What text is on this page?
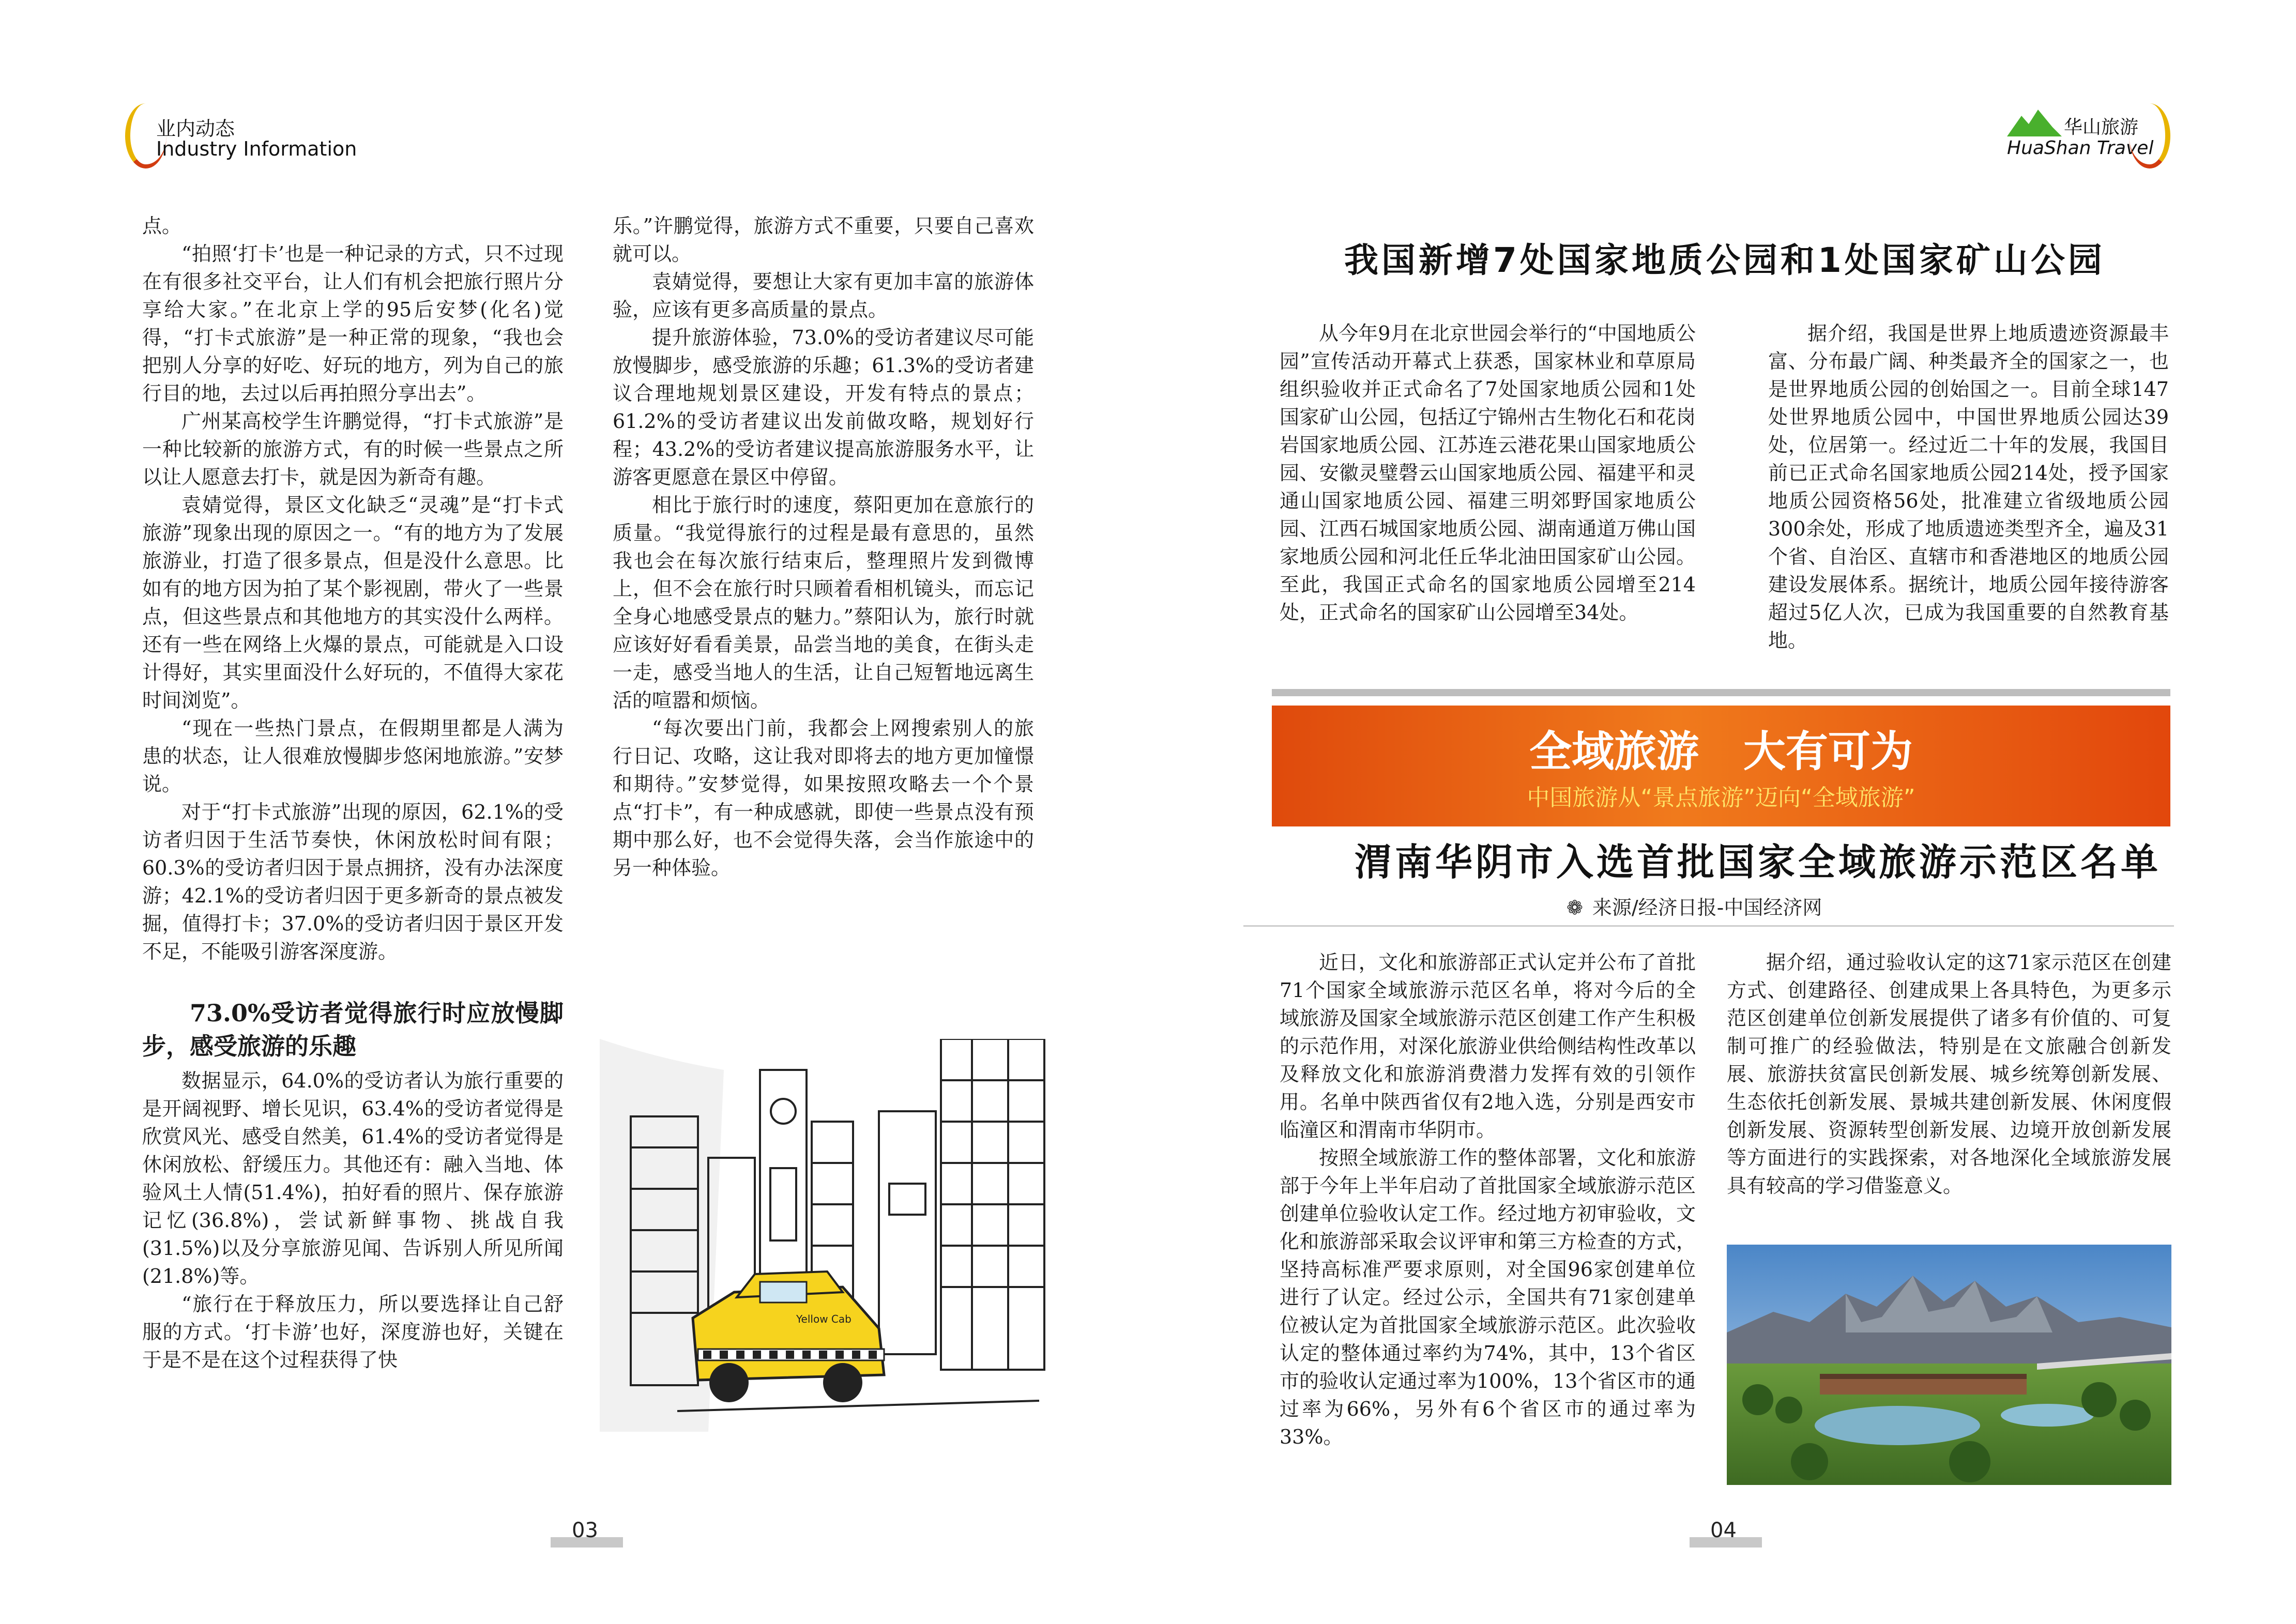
业内动态
Industry Information
华山旅游
HuaShan Travel

点。

“拍照‘打卡’也是一种记录的方式，只不过现在有很多社交平台，让人们有机会把旅行照片分享给大家。”在北京上学的95后安梦(化名)觉得，“打卡式旅游”是一种正常的现象，“我也会把别人分享的好吃、好玩的地方，列为自己的旅行目的地，去过以后再拍照分享出去”。

广州某高校学生许鹏觉得，“打卡式旅游”是一种比较新的旅游方式，有的时候一些景点之所以让人愿意去打卡，就是因为新奇有趣。

袁婧觉得，景区文化缺乏“灵魂”是“打卡式旅游”现象出现的原因之一。“有的地方为了发展旅游业，打造了很多景点，但是没什么意思。比如有的地方因为拍了某个影视剧，带火了一些景点，但这些景点和其他地方的其实没什么两样。还有一些在网络上火爆的景点，可能就是入口设计得好，其实里面没什么好玩的，不值得大家花时间浏览”。

“现在一些热门景点，在假期里都是人满为患的状态，让人很难放慢脚步悠闲地旅游。”安梦说。

对于“打卡式旅游”出现的原因，62.1%的受访者归因于生活节奏快，休闲放松时间有限；60.3%的受访者归因于景点拥挤，没有办法深度游；42.1%的受访者归因于更多新奇的景点被发掘，值得打卡；37.0%的受访者归因于景区开发不足，不能吸引游客深度游。

73.0%受访者觉得旅行时应放慢脚步，感受旅游的乐趣

数据显示，64.0%的受访者认为旅行重要的是开阔视野、增长见识，63.4%的受访者觉得是欣赏风光、感受自然美，61.4%的受访者觉得是休闲放松、舒缓压力。其他还有：融入当地、体验风土人情(51.4%)，拍好看的照片、保存旅游记忆(36.8%)，尝试新鲜事物、挑战自我(31.5%)以及分享旅游见闻、告诉别人所见所闻(21.8%)等。

“旅行在于释放压力，所以要选择让自己舒服的方式。‘打卡游’也好，深度游也好，关键在于是不是在这个过程获得了快

乐。”许鹏觉得，旅游方式不重要，只要自己喜欢就可以。

袁婧觉得，要想让大家有更加丰富的旅游体验，应该有更多高质量的景点。

提升旅游体验，73.0%的受访者建议尽可能放慢脚步，感受旅游的乐趣；61.3%的受访者建议合理地规划景区建设，开发有特点的景点；61.2%的受访者建议出发前做攻略，规划好行程；43.2%的受访者建议提高旅游服务水平，让游客更愿意在景区中停留。

相比于旅行时的速度，蔡阳更加在意旅行的质量。“我觉得旅行的过程是最有意思的，虽然我也会在每次旅行结束后，整理照片发到微博上，但不会在旅行时只顾着看相机镜头，而忘记全身心地感受景点的魅力。”蔡阳认为，旅行时就应该好好看看美景，品尝当地的美食，在街头走一走，感受当地人的生活，让自己短暂地远离生活的喧嚣和烦恼。

“每次要出门前，我都会上网搜索别人的旅行日记、攻略，这让我对即将去的地方更加憧憬和期待。”安梦觉得，如果按照攻略去一个个景点“打卡”，有一种成感就，即使一些景点没有预期中那么好，也不会觉得失落，会当作旅途中的另一种体验。

Yellow Cab
03	04
我国新增7处国家地质公园和1处国家矿山公园

从今年9月在北京世园会举行的“中国地质公园”宣传活动开幕式上获悉，国家林业和草原局组织验收并正式命名了7处国家地质公园和1处国家矿山公园，包括辽宁锦州古生物化石和花岗岩国家地质公园、江苏连云港花果山国家地质公园、安徽灵璧磬云山国家地质公园、福建平和灵通山国家地质公园、福建三明郊野国家地质公园、江西石城国家地质公园、湖南通道万佛山国家地质公园和河北任丘华北油田国家矿山公园。至此，我国正式命名的国家地质公园增至214处，正式命名的国家矿山公园增至34处。

据介绍，我国是世界上地质遗迹资源最丰富、分布最广阔、种类最齐全的国家之一，也是世界地质公园的创始国之一。目前全球147处世界地质公园中，中国世界地质公园达39处，位居第一。经过近二十年的发展，我国目前已正式命名国家地质公园214处，授予国家地质公园资格56处，批准建立省级地质公园300余处，形成了地质遗迹类型齐全，遍及31个省、自治区、直辖市和香港地区的地质公园建设发展体系。据统计，地质公园年接待游客超过5亿人次，已成为我国重要的自然教育基地。

全域旅游   大有可为
中国旅游从“景点旅游”迈向“全域旅游”
渭南华阴市入选首批国家全域旅游示范区名单
❁ 来源/经济日报-中国经济网

近日，文化和旅游部正式认定并公布了首批71个国家全域旅游示范区名单，将对今后的全域旅游及国家全域旅游示范区创建工作产生积极的示范作用，对深化旅游业供给侧结构性改革以及释放文化和旅游消费潜力发挥有效的引领作用。名单中陕西省仅有2地入选，分别是西安市临潼区和渭南市华阴市。

按照全域旅游工作的整体部署，文化和旅游部于今年上半年启动了首批国家全域旅游示范区创建单位验收认定工作。经过地方初审验收，文化和旅游部采取会议评审和第三方检查的方式，坚持高标准严要求原则，对全国96家创建单位进行了认定。经过公示，全国共有71家创建单位被认定为首批国家全域旅游示范区。此次验收认定的整体通过率约为74%，其中，13个省区市的验收认定通过率为100%，13个省区市的通过率为66%，另外有6个省区市的通过率为33%。

据介绍，通过验收认定的这71家示范区在创建方式、创建路径、创建成果上各具特色，为更多示范区创建单位创新发展提供了诸多有价值的、可复制可推广的经验做法，特别是在文旅融合创新发展、旅游扶贫富民创新发展、城乡统筹创新发展、生态依托创新发展、景城共建创新发展、休闲度假创新发展、资源转型创新发展、边境开放创新发展等方面进行的实践探索，对各地深化全域旅游发展具有较高的学习借鉴意义。
